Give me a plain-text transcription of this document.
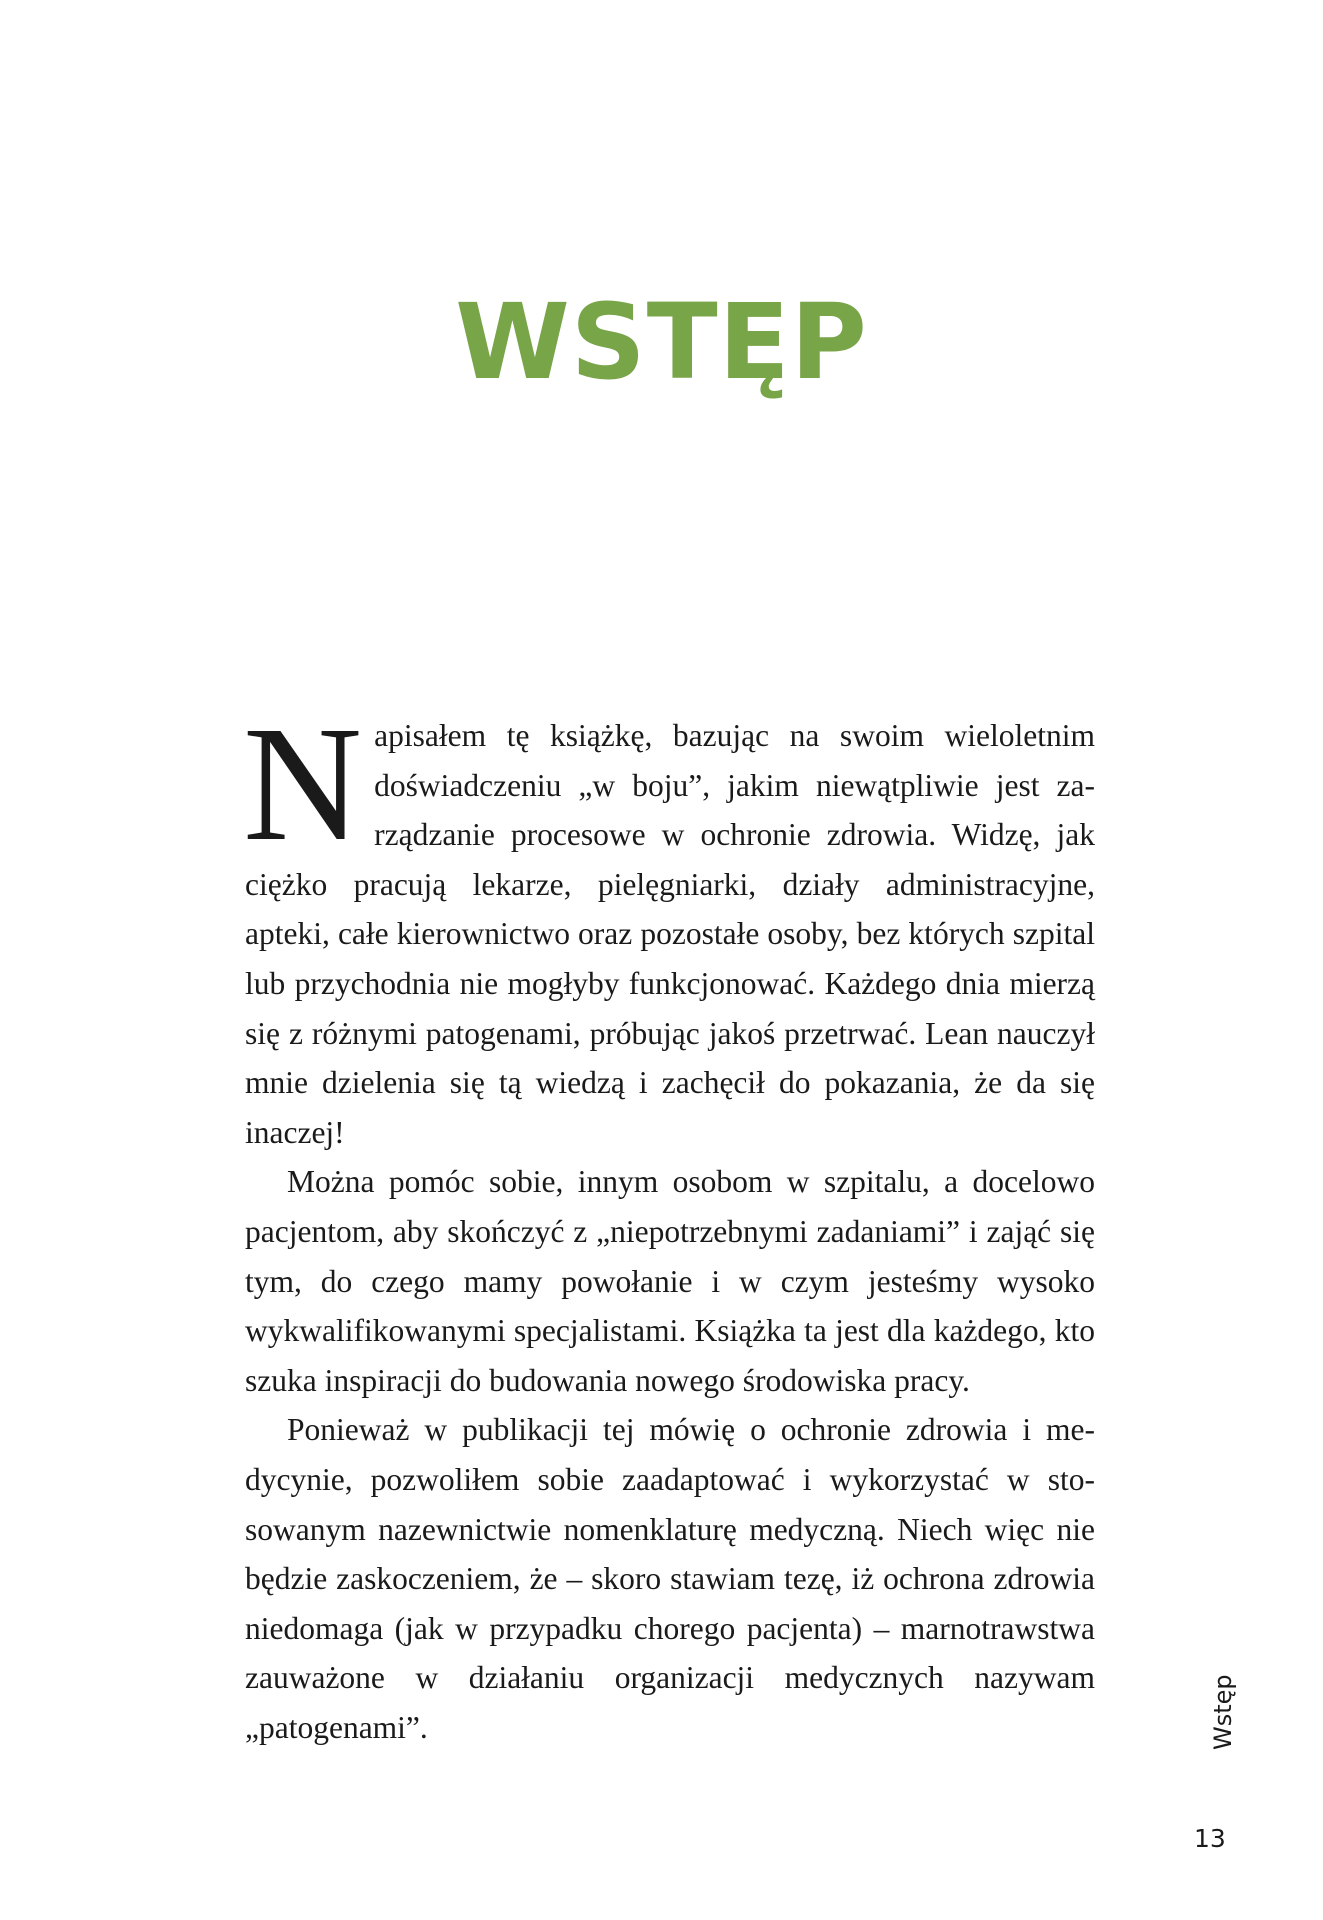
WSTĘP

Napisałem tę książkę, bazując na swoim wieloletnim doświadczeniu „w boju”, jakim niewątpliwie jest zarządzanie procesowe w ochronie zdrowia. Widzę, jak ciężko pracują lekarze, pielęgniarki, działy administracyjne, apteki, całe kierownictwo oraz pozostałe osoby, bez których szpital lub przychodnia nie mogłyby funkcjonować. Każdego dnia mierzą się z różnymi patogenami, próbując jakoś przetrwać. Lean nauczył mnie dzielenia się tą wiedzą i zachęcił do pokazania, że da się inaczej!

Można pomóc sobie, innym osobom w szpitalu, a docelowo pacjentom, aby skończyć z „niepotrzebnymi zadaniami” i zająć się tym, do czego mamy powołanie i w czym jesteśmy wysoko wykwalifikowanymi specjalistami. Książka ta jest dla każdego, kto szuka inspiracji do budowania nowego środowiska pracy.

Ponieważ w publikacji tej mówię o ochronie zdrowia i medycynie, pozwoliłem sobie zaadaptować i wykorzystać w stosowanym nazewnictwie nomenklaturę medyczną. Niech więc nie będzie zaskoczeniem, że – skoro stawiam tezę, iż ochrona zdrowia niedomaga (jak w przypadku chorego pacjenta) – marnotrawstwa zauważone w działaniu organizacji medycznych nazywam „patogenami”.	Wstęp
13
